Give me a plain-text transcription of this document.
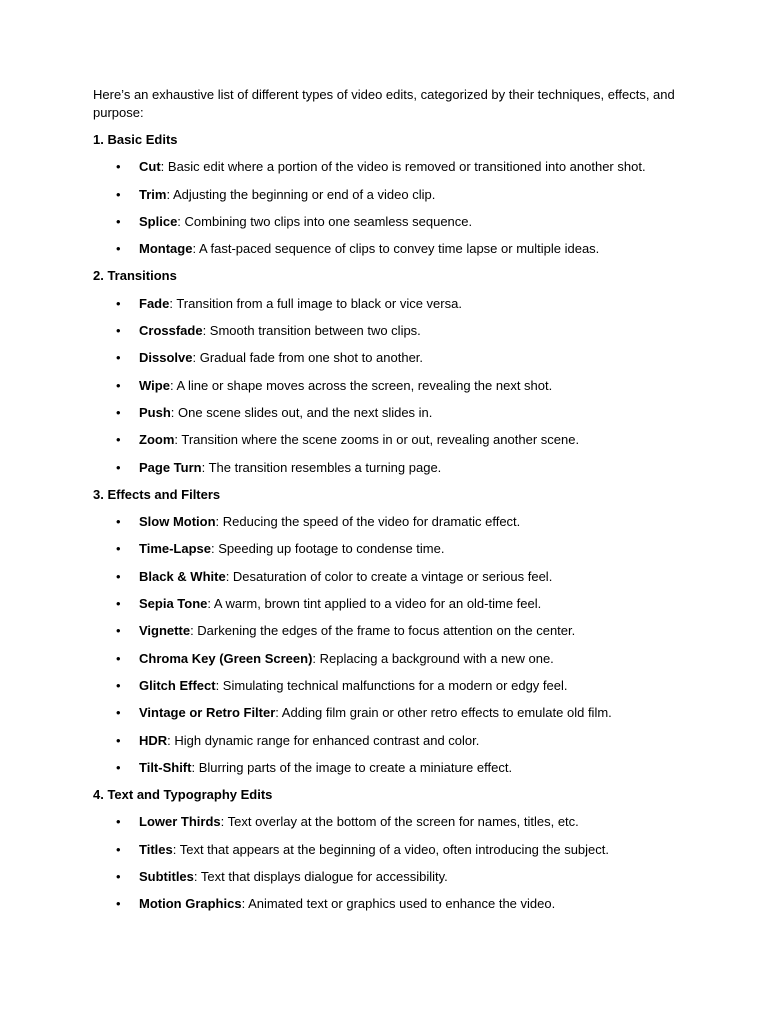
Here’s an exhaustive list of different types of video edits, categorized by their techniques, effects, and purpose:

1. Basic Edits

• Cut: Basic edit where a portion of the video is removed or transitioned into another shot.
• Trim: Adjusting the beginning or end of a video clip.
• Splice: Combining two clips into one seamless sequence.
• Montage: A fast-paced sequence of clips to convey time lapse or multiple ideas.

2. Transitions

• Fade: Transition from a full image to black or vice versa.
• Crossfade: Smooth transition between two clips.
• Dissolve: Gradual fade from one shot to another.
• Wipe: A line or shape moves across the screen, revealing the next shot.
• Push: One scene slides out, and the next slides in.
• Zoom: Transition where the scene zooms in or out, revealing another scene.
• Page Turn: The transition resembles a turning page.

3. Effects and Filters

• Slow Motion: Reducing the speed of the video for dramatic effect.
• Time-Lapse: Speeding up footage to condense time.
• Black & White: Desaturation of color to create a vintage or serious feel.
• Sepia Tone: A warm, brown tint applied to a video for an old-time feel.
• Vignette: Darkening the edges of the frame to focus attention on the center.
• Chroma Key (Green Screen): Replacing a background with a new one.
• Glitch Effect: Simulating technical malfunctions for a modern or edgy feel.
• Vintage or Retro Filter: Adding film grain or other retro effects to emulate old film.
• HDR: High dynamic range for enhanced contrast and color.
• Tilt-Shift: Blurring parts of the image to create a miniature effect.

4. Text and Typography Edits

• Lower Thirds: Text overlay at the bottom of the screen for names, titles, etc.
• Titles: Text that appears at the beginning of a video, often introducing the subject.
• Subtitles: Text that displays dialogue for accessibility.
• Motion Graphics: Animated text or graphics used to enhance the video.
